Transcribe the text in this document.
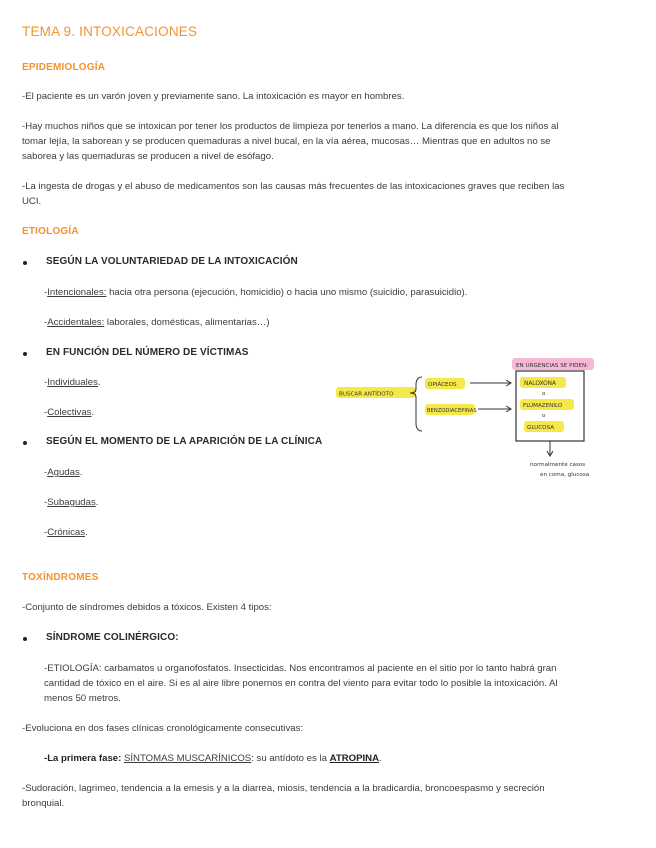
TEMA 9. INTOXICACIONES
EPIDEMIOLOGÍA
-El paciente es un varón joven y previamente sano. La intoxicación es mayor en hombres.
-Hay muchos niños que se intoxican por tener los productos de limpieza por tenerlos a mano. La diferencia es que los niños al
tomar lejía, la saborean y se producen quemaduras a nivel bucal, en la vía aérea, mucosas… Mientras que en adultos no se
saborea y las quemaduras se producen a nivel de esófago.
-La ingesta de drogas y el abuso de medicamentos son las causas más frecuentes de las intoxicaciones graves que reciben las
UCI.
ETIOLOGÍA
SEGÚN LA VOLUNTARIEDAD DE LA INTOXICACIÓN
-Intencionales: hacia otra persona (ejecución, homicidio) o hacia uno mismo (suicidio, parasuicidio).
-Accidentales: laborales, domésticas, alimentarias…)
EN FUNCIÓN DEL NÚMERO DE VÍCTIMAS
-Individuales.
-Colectivas.
SEGÚN EL MOMENTO DE LA APARICIÓN DE LA CLÍNICA
-Agudas.
-Subagudas.
-Crónicas.
EN URGENCIAS SE PIDEN:
BUSCAR ANTÍDOTO
OPIÁCEOS
BENZODIACEPINAS
NALOXONA
o
FLUMAZENILO
o
GLUCOSA
normalmente casos
en coma, glucosa
TOXÍNDROMES
-Conjunto de síndromes debidos a tóxicos. Existen 4 tipos:
SÍNDROME COLINÉRGICO:
-ETIOLOGÍA: carbamatos u organofosfatos. Insecticidas. Nos encontramos al paciente en el sitio por lo tanto habrá gran
cantidad de tóxico en el aire. Si es al aire libre ponernos en contra del viento para evitar todo lo posible la intoxicación. Al
menos 50 metros.
-Evoluciona en dos fases clínicas cronológicamente consecutivas:
-La primera fase: SÍNTOMAS MUSCARÍNICOS: su antídoto es la ATROPINA.
-Sudoración, lagrimeo, tendencia a la emesis y a la diarrea, miosis, tendencia a la bradicardia, broncoespasmo y secreción
bronquial.
